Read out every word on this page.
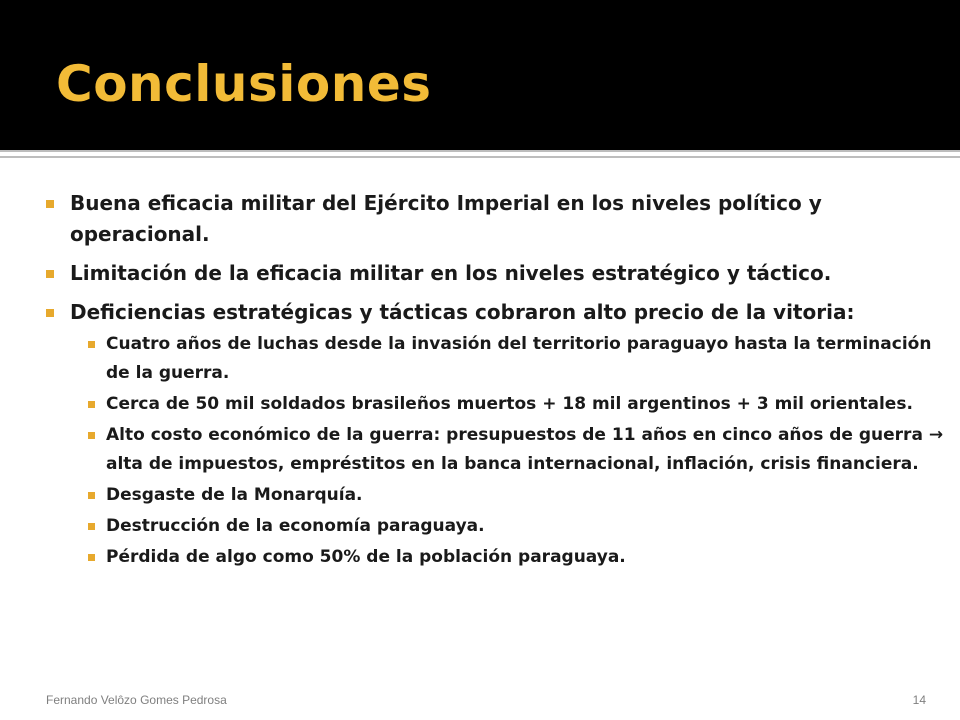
Conclusiones
Buena eficacia militar del Ejército Imperial en los niveles político y operacional.
Limitación de la eficacia militar en los niveles estratégico y táctico.
Deficiencias estratégicas y tácticas cobraron alto precio de la vitoria:
Cuatro años de luchas desde la invasión del territorio paraguayo hasta la terminación de la guerra.
Cerca de 50 mil soldados brasileños muertos + 18 mil argentinos + 3 mil orientales.
Alto costo económico de la guerra: presupuestos de 11 años en cinco años de guerra → alta de impuestos, empréstitos en la banca internacional, inflación, crisis financiera.
Desgaste de la Monarquía.
Destrucción de la economía paraguaya.
Pérdida de algo como 50% de la población paraguaya.
Fernando Velôzo Gomes Pedrosa	14
